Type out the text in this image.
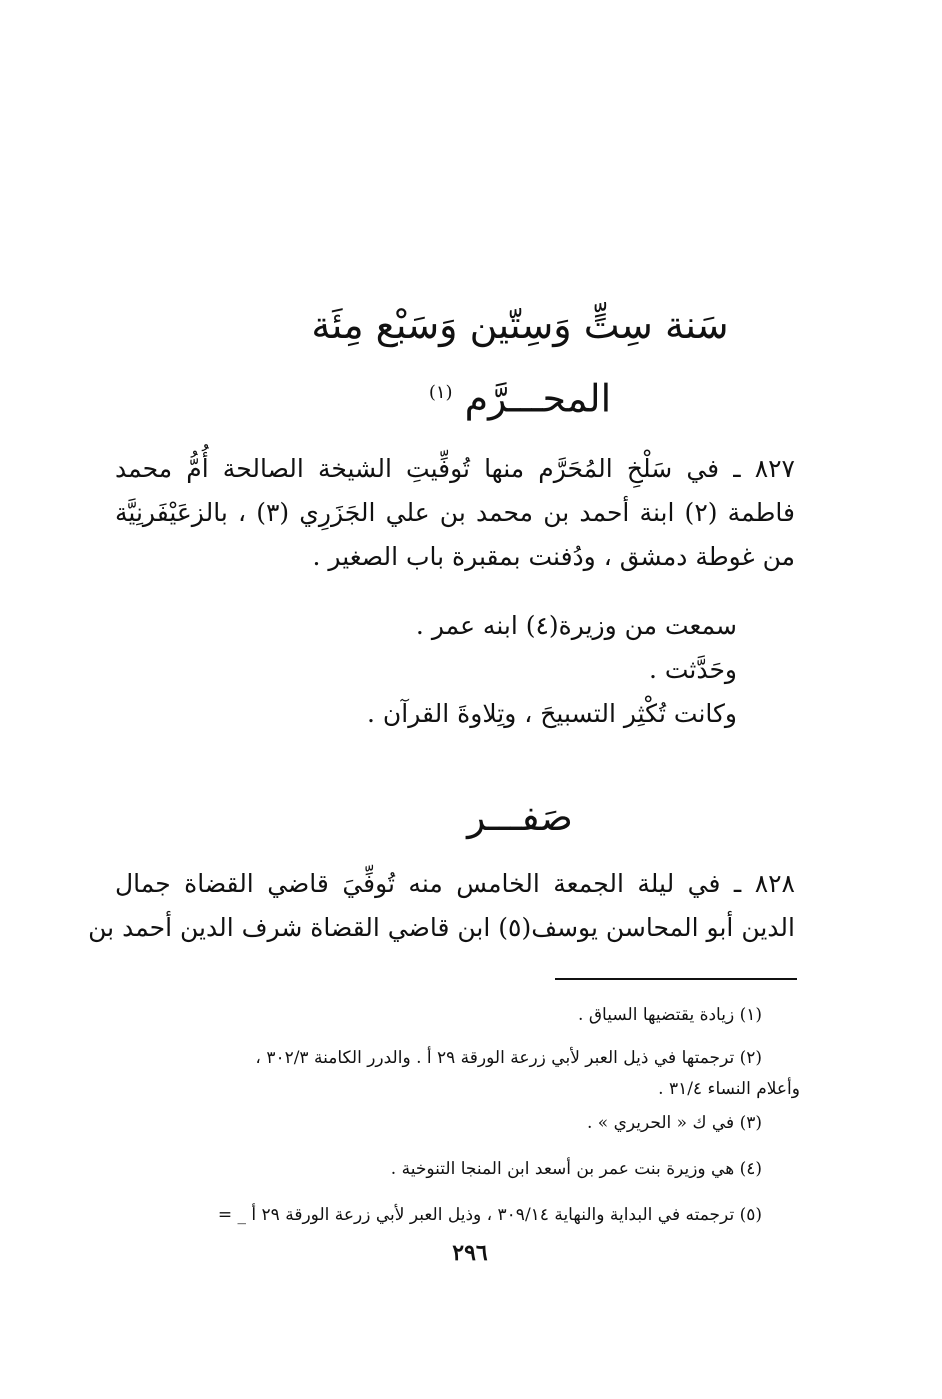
سَنة سِتٍّ وَسِتّين وَسَبْع مِئَة
المحـــرَّم $^{(١)}$
٨٢٧ ـ في سَلْخِ المُحَرَّم منها تُوفِّيتِ الشيخة الصالحة أُمُّ محمد
فاطمة (٢) ابنة أحمد بن محمد بن علي الجَزَرِي (٣) ، بالزعَيْفَرنِيَّة
من غوطة دمشق ، ودُفنت بمقبرة باب الصغير .
سمعت من وزيرة(٤) ابنه عمر .
وحَدَّثت .
وكانت تُكْثِر التسبيحَ ، وتِلاوةَ القرآن .
صَفـــر
٨٢٨ ـ في ليلة الجمعة الخامس منه تُوفِّيَ قاضي القضاة جمال
الدين أبو المحاسن يوسف(٥) ابن قاضي القضاة شرف الدين أحمد بن
(١) زيادة يقتضيها السياق .
(٢) ترجمتها في ذيل العبر لأبي زرعة الورقة ٢٩ أ . والدرر الكامنة ٣٠٢/٣ ،
وأعلام النساء ٣١/٤ .
(٣) في ك « الحريري » .
(٤) هي وزيرة بنت عمر بن أسعد ابن المنجا التنوخية .
(٥) ترجمته في البداية والنهاية ٣٠٩/١٤ ، وذيل العبر لأبي زرعة الورقة ٢٩ أ _ =
٢٩٦
